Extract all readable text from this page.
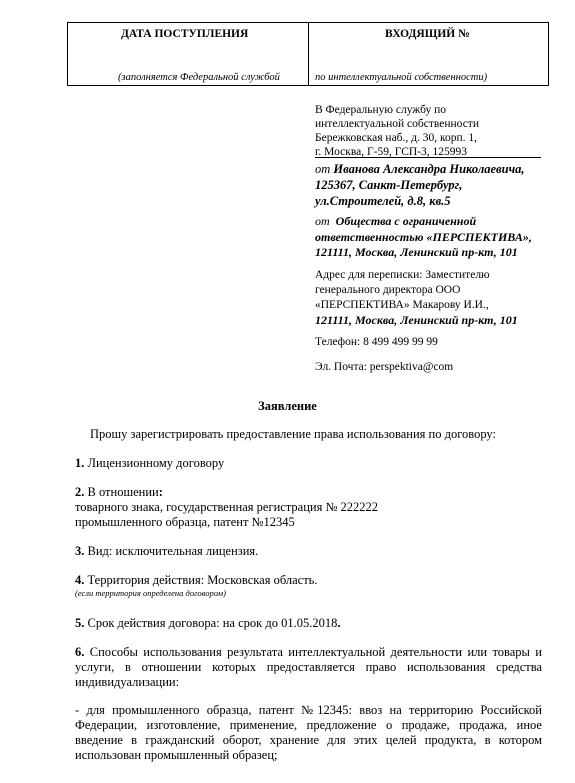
ДАТА ПОСТУПЛЕНИЯ	ВХОДЯЩИЙ №
(заполняется Федеральной службой	по интеллектуальной собственности)
В Федеральную службу по
интеллектуальной собственности
Бережковская наб., д. 30, корп. 1,
г. Москва, Г-59, ГСП-3, 125993
от Иванова Александра Николаевича,
125367, Санкт-Петербург,
ул.Строителей, д.8, кв.5
от Общества с ограниченной
ответственностью «ПЕРСПЕКТИВА»,
121111, Москва, Ленинский пр-кт, 101
Адрес для переписки: Заместителю
генерального директора ООО
«ПЕРСПЕКТИВА» Макарову И.И.,
121111, Москва, Ленинский пр-кт, 101
Телефон: 8 499 499 99 99
Эл. Почта: perspektiva@com
Заявление
Прошу зарегистрировать предоставление права использования по договору:
1. Лицензионному договору
2. В отношении:
товарного знака, государственная регистрация № 222222
промышленного образца, патент №12345
3. Вид: исключительная лицензия.
4. Территория действия: Московская область.
(если территория определена договором)
5. Срок действия договора: на срок до 01.05.2018.
6. Способы использования результата интеллектуальной деятельности или товары и услуги, в отношении которых предоставляется право использования средства индивидуализации:
- для промышленного образца, патент №12345: ввоз на территорию Российской Федерации, изготовление, применение, предложение о продаже, продажа, иное введение в гражданский оборот, хранение для этих целей продукта, в котором использован промышленный образец;
